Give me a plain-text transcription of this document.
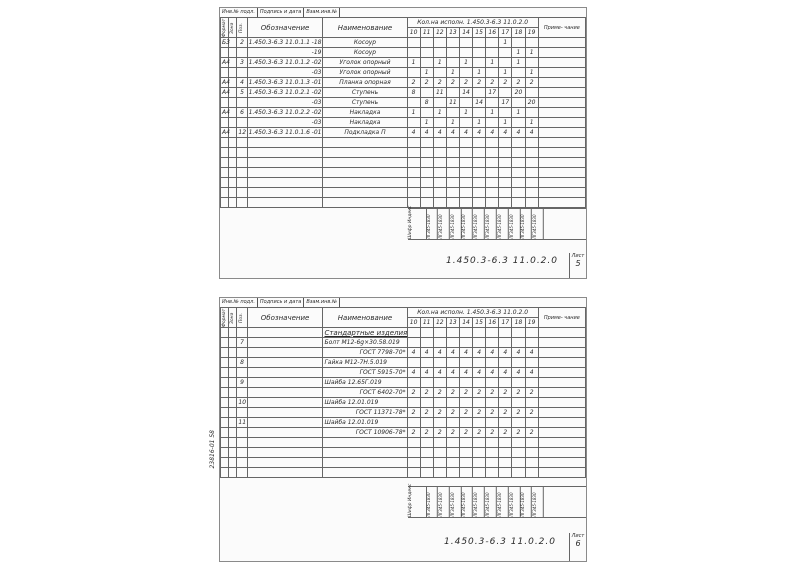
Инв.№ подл.	Подпись и дата	Взам.инв.№
Формат	Зона	Поз.	Обозначение	Наименование	Кол.на исполн. 1.450.3-6.3 11.0.2.0										Приме- чание
					10	11	12	13	14	15	16	17	18	19	
Б3		2	1.450.3-6.3 11.0.1.1 -18	Косоур								1			

			-19	Косоур									1	1	
А4		3	1.450.3-6.3 11.0.1.2 -02	Уголок опорный	1		1		1		1		1		

			-03	Уголок опорный		1		1		1		1		1	
А4		4	1.450.3-6.3 11.0.1.3 -01	Планка опорная	2	2	2	2	2	2	2	2	2	2	
А4		5	1.450.3-6.3 11.0.2.1 -02	Ступень	8		11		14		17		20		

			-03	Ступень		8		11		14		17		20	
А4		6	1.450.3-6.3 11.0.2.2 -02	Накладка	1		1		1		1		1		

			-03	Накладка		1		1		1		1		1	
А4		12	1.450.3-6.3 11.0.1.6 -01	Подкладка П	4	4	4	4	4	4	4	4	4	4	

ЛГ345-1830	ЛГ345-1830	ЛГ345-1830	ЛГ345-1830	ЛГ345-1830	ЛГ345-1830	ЛГ345-1830	ЛГ345-1830	ЛГ345-1830	ЛГ345-1830
Шифр
Индекс
1.450.3-6.3 11.0.2.0	Лист
5
Инв.№ подл.	Подпись и дата	Взам.инв.№
Формат	Зона	Поз.	Обозначение	Наименование	Кол.на исполн. 1.450.3-6.3 11.0.2.0										Приме- чание
					10	11	12	13	14	15	16	17	18	19	
				Стандартные изделия											
		7		Болт М12-6g×30.58.019											
				ГОСТ 7798-70*	4	4	4	4	4	4	4	4	4	4	
		8		Гайка М12-7Н.5.019											
				ГОСТ 5915-70*	4	4	4	4	4	4	4	4	4	4	
		9		Шайба 12.65Г.019											
				ГОСТ 6402-70*	2	2	2	2	2	2	2	2	2	2	
		10		Шайба 12.01.019											
				ГОСТ 11371-78*	2	2	2	2	2	2	2	2	2	2	
		11		Шайба 12.01.019											
				ГОСТ 10906-78*	2	2	2	2	2	2	2	2	2	2	

ЛГ345-1830	ЛГ345-1830	ЛГ345-1830	ЛГ345-1830	ЛГ345-1830	ЛГ345-1830	ЛГ345-1830	ЛГ345-1830	ЛГ345-1830	ЛГ345-1830
Шифр
Индекс
1.450.3-6.3 11.0.2.0
Лист
6
23816-01 58
